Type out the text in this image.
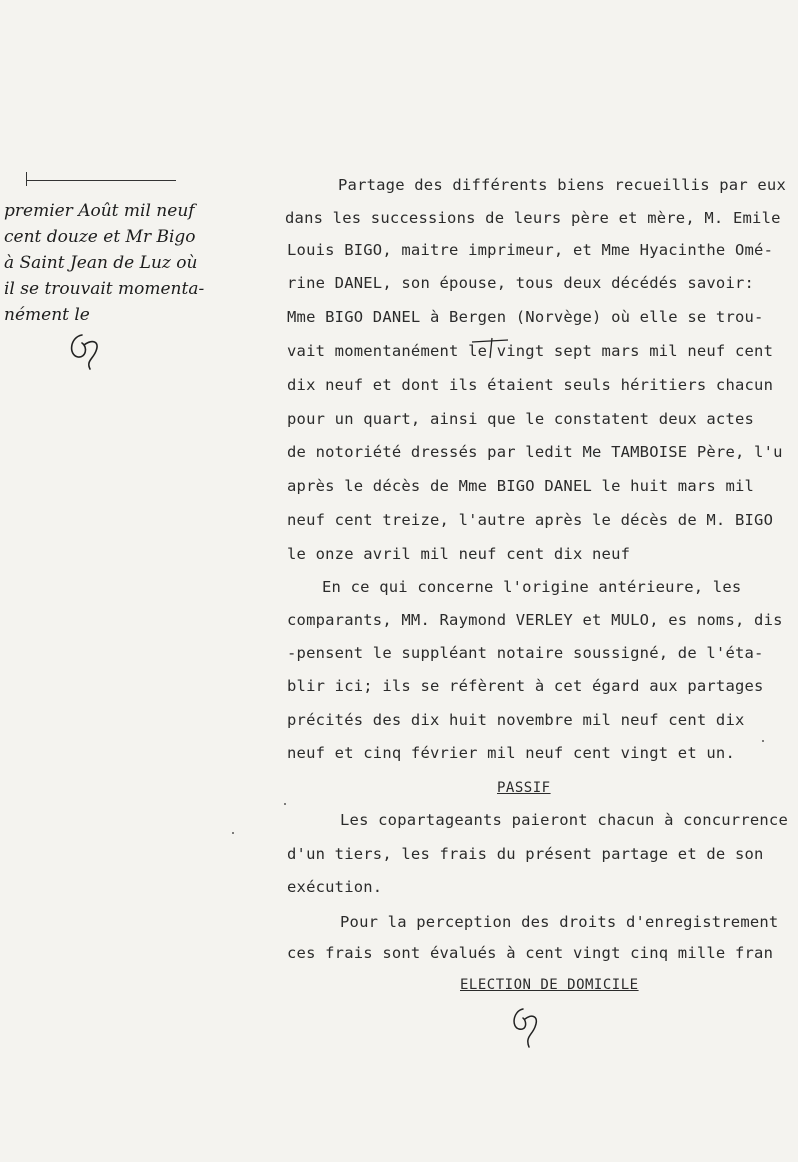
premier Août mil neuf
cent douze et Mr Bigo
à Saint Jean de Luz où
il se trouvait momenta-
nément le
Partage des différents biens recueillis par eux
dans les successions de leurs père et mère, M. Emile
Louis BIGO, maitre imprimeur, et Mme Hyacinthe Omé-
rine DANEL, son épouse, tous deux décédés savoir:
Mme BIGO DANEL à Bergen (Norvège) où elle se trou-
vait momentanément le vingt sept mars mil neuf cent
dix neuf et dont ils étaient seuls héritiers chacun
pour un quart, ainsi que le constatent deux actes
de notoriété dressés par ledit Me TAMBOISE Père, l'u
après le décès de Mme BIGO DANEL le huit mars mil
neuf cent treize, l'autre après le décès de M. BIGO
le onze avril mil neuf cent dix neuf
En ce qui concerne l'origine antérieure, les
comparants, MM. Raymond VERLEY et MULO, es noms, dis
-pensent le suppléant notaire soussigné, de l'éta-
blir ici; ils se réfèrent à cet égard aux partages
précités des dix huit novembre mil neuf cent dix
neuf et cinq février mil neuf cent vingt et un.
PASSIF
Les copartageants paieront chacun à concurrence
d'un tiers, les frais du présent partage et de son
exécution.
Pour la perception des droits d'enregistrement
ces frais sont évalués à cent vingt cinq mille fran
ELECTION DE DOMICILE
